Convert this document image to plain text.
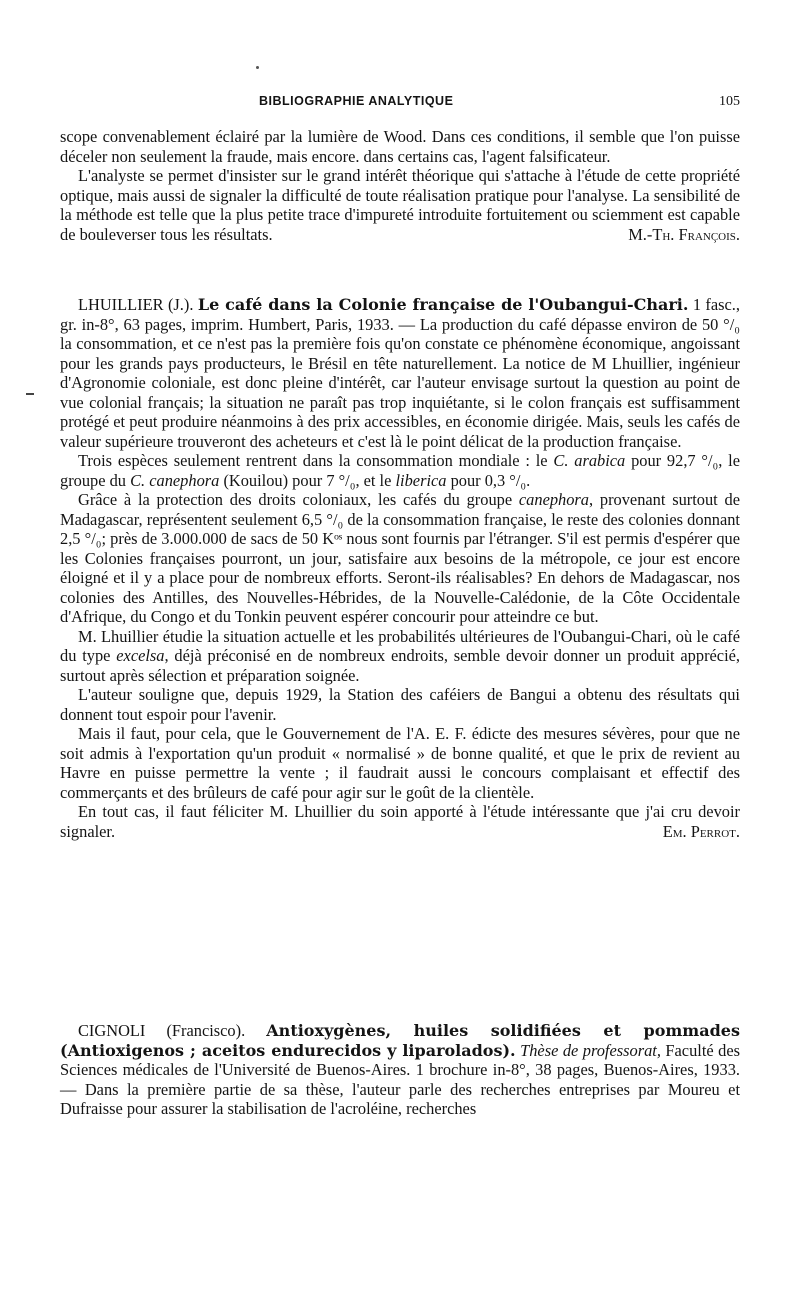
BIBLIOGRAPHIE ANALYTIQUE	105

scope convenablement éclairé par la lumière de Wood. Dans ces conditions, il semble que l'on puisse déceler non seulement la fraude, mais encore. dans certains cas, l'agent falsificateur.

L'analyste se permet d'insister sur le grand intérêt théorique qui s'attache à l'étude de cette propriété optique, mais aussi de signaler la difficulté de toute réalisation pratique pour l'analyse. La sensibilité de la méthode est telle que la plus petite trace d'impureté introduite fortuitement ou sciemment est capable de bouleverser tous les résultats.	M.-Th. François.

LHUILLIER (J.). Le café dans la Colonie française de l'Oubangui-Chari. 1 fasc., gr. in-8°, 63 pages, imprim. Humbert, Paris, 1933. — La production du café dépasse environ de 50 °/₀ la consommation, et ce n'est pas la première fois qu'on constate ce phénomène économique, angoissant pour les grands pays producteurs, le Brésil en tête naturellement. La notice de M Lhuillier, ingénieur d'Agronomie coloniale, est donc pleine d'intérêt, car l'auteur envisage surtout la question au point de vue colonial français; la situation ne paraît pas trop inquiétante, si le colon français est suffisamment protégé et peut produire néanmoins à des prix accessibles, en économie dirigée. Mais, seuls les cafés de valeur supérieure trouveront des acheteurs et c'est là le point délicat de la production française.

Trois espèces seulement rentrent dans la consommation mondiale : le C. arabica pour 92,7 °/₀, le groupe du C. canephora (Kouilou) pour 7 °/₀, et le liberica pour 0,3 °/₀.

Grâce à la protection des droits coloniaux, les cafés du groupe canephora, provenant surtout de Madagascar, représentent seulement 6,5 °/₀ de la consommation française, le reste des colonies donnant 2,5 °/₀; près de 3.000.000 de sacs de 50 Kᵒˢ nous sont fournis par l'étranger. S'il est permis d'espérer que les Colonies françaises pourront, un jour, satisfaire aux besoins de la métropole, ce jour est encore éloigné et il y a place pour de nombreux efforts. Seront-ils réalisables? En dehors de Madagascar, nos colonies des Antilles, des Nouvelles-Hébrides, de la Nouvelle-Calédonie, de la Côte Occidentale d'Afrique, du Congo et du Tonkin peuvent espérer concourir pour atteindre ce but.

M. Lhuillier étudie la situation actuelle et les probabilités ultérieures de l'Oubangui-Chari, où le café du type excelsa, déjà préconisé en de nombreux endroits, semble devoir donner un produit apprécié, surtout après sélection et préparation soignée.

L'auteur souligne que, depuis 1929, la Station des caféiers de Bangui a obtenu des résultats qui donnent tout espoir pour l'avenir.

Mais il faut, pour cela, que le Gouvernement de l'A. E. F. édicte des mesures sévères, pour que ne soit admis à l'exportation qu'un produit « normalisé » de bonne qualité, et que le prix de revient au Havre en puisse permettre la vente ; il faudrait aussi le concours complaisant et effectif des commerçants et des brûleurs de café pour agir sur le goût de la clientèle.

En tout cas, il faut féliciter M. Lhuillier du soin apporté à l'étude intéressante que j'ai cru devoir signaler.	Em. Perrot.

CIGNOLI (Francisco). Antioxygènes, huiles solidifiées et pommades (Antioxigenos ; aceitos endurecidos y liparolados). Thèse de professorat, Faculté des Sciences médicales de l'Université de Buenos-Aires. 1 brochure in-8°, 38 pages, Buenos-Aires, 1933. — Dans la première partie de sa thèse, l'auteur parle des recherches entreprises par Moureu et Dufraisse pour assurer la stabilisation de l'acroléine, recherches
